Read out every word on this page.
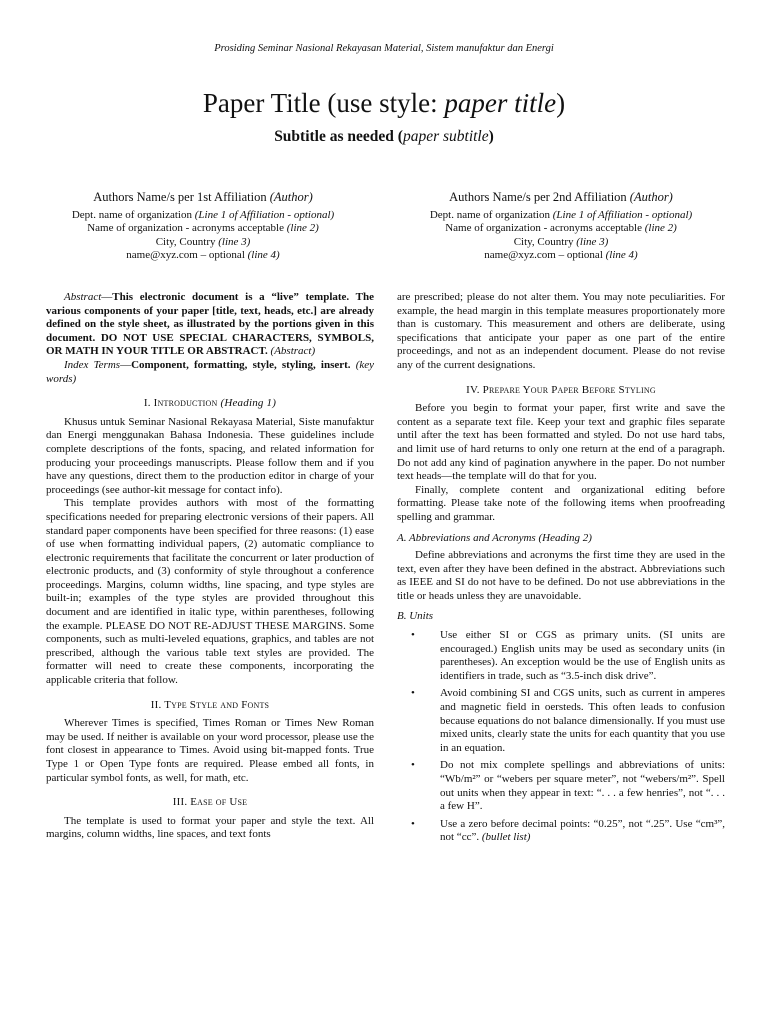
Prosiding Seminar Nasional Rekayasan Material, Sistem manufaktur dan Energi
Paper Title (use style: paper title)
Subtitle as needed (paper subtitle)
Authors Name/s per 1st Affiliation (Author)
Dept. name of organization (Line 1 of Affiliation - optional)
Name of organization - acronyms acceptable (line 2)
City, Country (line 3)
name@xyz.com – optional (line 4)
Authors Name/s per 2nd Affiliation (Author)
Dept. name of organization (Line 1 of Affiliation - optional)
Name of organization - acronyms acceptable (line 2)
City, Country (line 3)
name@xyz.com – optional (line 4)

Abstract—This electronic document is a “live” template. The various components of your paper [title, text, heads, etc.] are already defined on the style sheet, as illustrated by the portions given in this document. DO NOT USE SPECIAL CHARACTERS, SYMBOLS, OR MATH IN YOUR TITLE OR ABSTRACT. (Abstract)

Index Terms—Component, formatting, style, styling, insert. (key words)

I. Introduction (Heading 1)

Khusus untuk Seminar Nasional Rekayasa Material, Siste manufaktur dan Energi menggunakan Bahasa Indonesia. These guidelines include complete descriptions of the fonts, spacing, and related information for producing your proceedings manuscripts. Please follow them and if you have any questions, direct them to the production editor in charge of your proceedings (see author-kit message for contact info).

This template provides authors with most of the formatting specifications needed for preparing electronic versions of their papers. All standard paper components have been specified for three reasons: (1) ease of use when formatting individual papers, (2) automatic compliance to electronic requirements that facilitate the concurrent or later production of electronic products, and (3) conformity of style throughout a conference proceedings. Margins, column widths, line spacing, and type styles are built-in; examples of the type styles are provided throughout this document and are identified in italic type, within parentheses, following the example. PLEASE DO NOT RE-ADJUST THESE MARGINS. Some components, such as multi-leveled equations, graphics, and tables are not prescribed, although the various table text styles are provided. The formatter will need to create these components, incorporating the applicable criteria that follow.

II. Type Style and Fonts

Wherever Times is specified, Times Roman or Times New Roman may be used. If neither is available on your word processor, please use the font closest in appearance to Times. Avoid using bit-mapped fonts. True Type 1 or Open Type fonts are required. Please embed all fonts, in particular symbol fonts, as well, for math, etc.

III. Ease of Use

The template is used to format your paper and style the text. All margins, column widths, line spaces, and text fonts

are prescribed; please do not alter them. You may note peculiarities. For example, the head margin in this template measures proportionately more than is customary. This measurement and others are deliberate, using specifications that anticipate your paper as one part of the entire proceedings, and not as an independent document. Please do not revise any of the current designations.

IV. Prepare Your Paper Before Styling

Before you begin to format your paper, first write and save the content as a separate text file. Keep your text and graphic files separate until after the text has been formatted and styled. Do not use hard tabs, and limit use of hard returns to only one return at the end of a paragraph. Do not add any kind of pagination anywhere in the paper. Do not number text heads—the template will do that for you.

Finally, complete content and organizational editing before formatting. Please take note of the following items when proofreading spelling and grammar.

A. Abbreviations and Acronyms (Heading 2)

Define abbreviations and acronyms the first time they are used in the text, even after they have been defined in the abstract. Abbreviations such as IEEE and SI do not have to be defined. Do not use abbreviations in the title or heads unless they are unavoidable.

B. Units
• Use either SI or CGS as primary units. (SI units are encouraged.) English units may be used as secondary units (in parentheses). An exception would be the use of English units as identifiers in trade, such as “3.5-inch disk drive”.
• Avoid combining SI and CGS units, such as current in amperes and magnetic field in oersteds. This often leads to confusion because equations do not balance dimensionally. If you must use mixed units, clearly state the units for each quantity that you use in an equation.
• Do not mix complete spellings and abbreviations of units: “Wb/m²” or “webers per square meter”, not “webers/m²”. Spell out units when they appear in text: “. . . a few henries”, not “. . . a few H”.
• Use a zero before decimal points: “0.25”, not “.25”. Use “cm³”, not “cc”. (bullet list)
